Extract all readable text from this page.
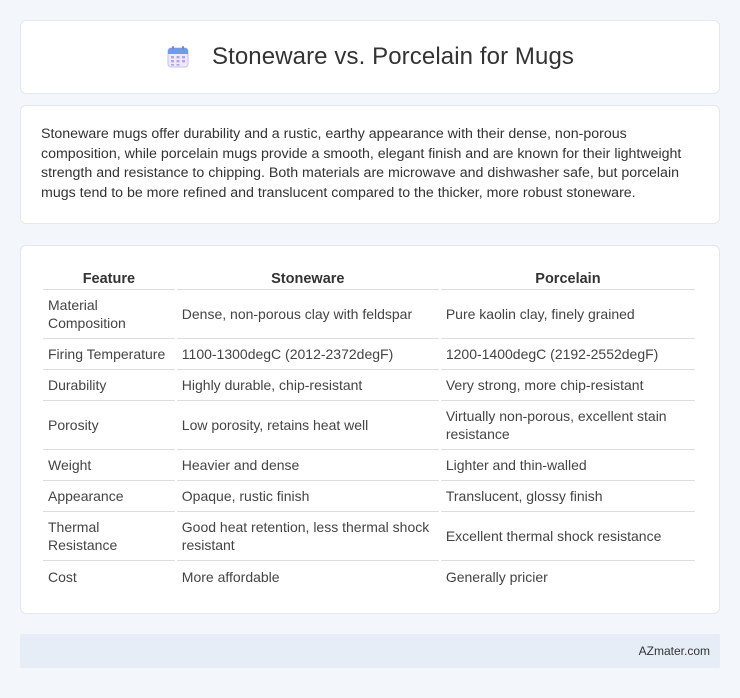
Stoneware vs. Porcelain for Mugs

Stoneware mugs offer durability and a rustic, earthy appearance with their dense, non-porous composition, while porcelain mugs provide a smooth, elegant finish and are known for their lightweight strength and resistance to chipping. Both materials are microwave and dishwasher safe, but porcelain mugs tend to be more refined and translucent compared to the thicker, more robust stoneware.

Feature	Stoneware	Porcelain
Material Composition	Dense, non-porous clay with feldspar	Pure kaolin clay, finely grained
Firing Temperature	1100-1300degC (2012-2372degF)	1200-1400degC (2192-2552degF)
Durability	Highly durable, chip-resistant	Very strong, more chip-resistant
Porosity	Low porosity, retains heat well	Virtually non-porous, excellent stain resistance
Weight	Heavier and dense	Lighter and thin-walled
Appearance	Opaque, rustic finish	Translucent, glossy finish
Thermal Resistance	Good heat retention, less thermal shock resistant	Excellent thermal shock resistance
Cost	More affordable	Generally pricier
AZmater.com
